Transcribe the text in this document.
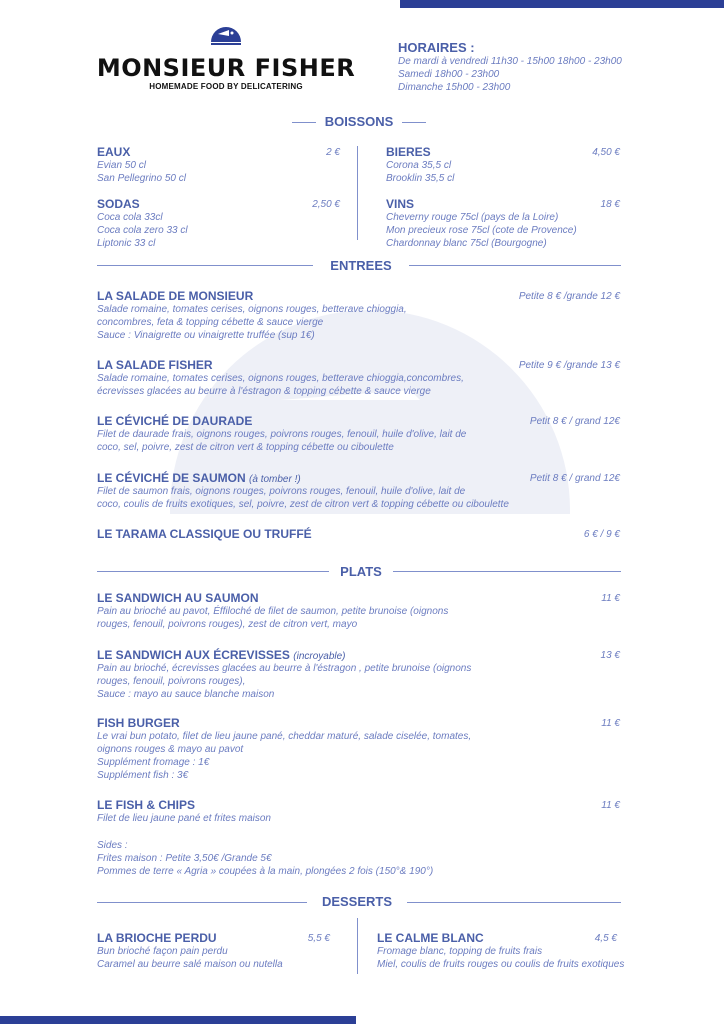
MONSIEUR FISHER
HOMEMADE FOOD BY DELICATERING
HORAIRES :
De mardi à vendredi 11h30 - 15h00 18h00 - 23h00
Samedi 18h00 - 23h00
Dimanche 15h00 - 23h00
BOISSONS
EAUX
Evian 50 cl
San Pellegrino 50 cl
2 €
SODAS
Coca cola 33cl
Coca cola zero 33 cl
Liptonic 33 cl
2,50 €
BIERES
Corona 35,5 cl
Brooklin 35,5 cl
4,50 €
VINS
Cheverny rouge 75cl (pays de la Loire)
Mon precieux rose 75cl (cote de Provence)
Chardonnay blanc 75cl (Bourgogne)
18 €
ENTREES
LA SALADE DE MONSIEUR
Salade romaine, tomates cerises, oignons rouges, betterave chioggia,
concombres, feta & topping cébette & sauce vierge
Sauce : Vinaigrette ou vinaigrette truffée (sup 1€)
Petite 8 € /grande 12 €
LA SALADE FISHER
Salade romaine, tomates cerises, oignons rouges, betterave chioggia,concombres,
écrevisses glacées au beurre à l'éstragon & topping cébette & sauce vierge
Petite 9 € /grande 13 €
LE CÉVICHÉ DE DAURADE
Filet de daurade frais, oignons rouges, poivrons rouges, fenouil, huile d'olive, lait de
coco, sel, poivre, zest de citron vert & topping cébette ou ciboulette
Petit 8 € / grand 12€
LE CÉVICHÉ DE SAUMON (à tomber !)
Filet de saumon frais, oignons rouges, poivrons rouges, fenouil, huile d'olive, lait de
coco, coulis de fruits exotiques, sel, poivre, zest de citron vert & topping cébette ou ciboulette
Petit 8 € / grand 12€
LE TARAMA CLASSIQUE OU TRUFFÉ	6 € / 9 €
PLATS
LE SANDWICH AU SAUMON
Pain au brioché au pavot, Éffiloché de filet de saumon, petite brunoise (oignons
rouges, fenouil, poivrons rouges), zest de citron vert, mayo
11 €
LE SANDWICH AUX ÉCREVISSES (incroyable)
Pain au brioché, écrevisses glacées au beurre à l'éstragon , petite brunoise (oignons
rouges, fenouil, poivrons rouges),
Sauce : mayo au sauce blanche maison
13 €
FISH BURGER
Le vrai bun potato, filet de lieu jaune pané, cheddar maturé, salade ciselée, tomates,
oignons rouges & mayo au pavot
Supplément fromage : 1€
Supplément fish : 3€
11 €
LE FISH & CHIPS
Filet de lieu jaune pané et frites maison
11 €
Sides :
Frites maison : Petite 3,50€ /Grande 5€
Pommes de terre « Agria » coupées à la main, plongées 2 fois (150°& 190°)
DESSERTS
LA BRIOCHE PERDU
Bun brioché façon pain perdu
Caramel au beurre salé maison ou nutella
5,5 €	LE CALME BLANC
Fromage blanc, topping de fruits frais
Miel, coulis de fruits rouges ou coulis de fruits exotiques
4,5 €
